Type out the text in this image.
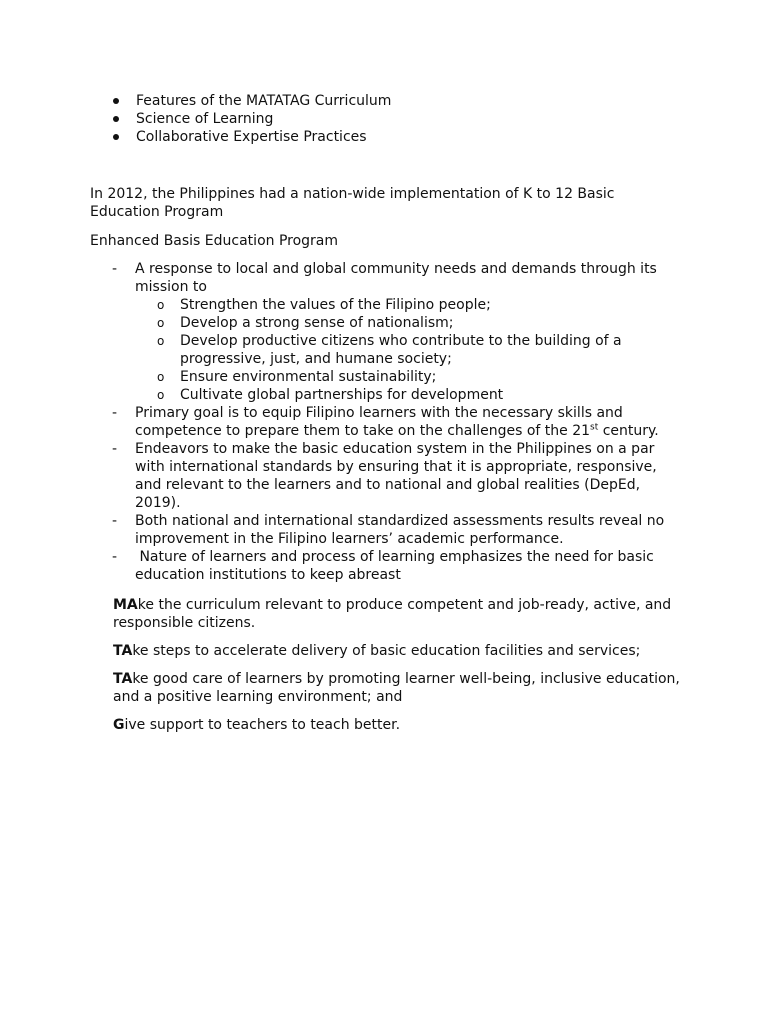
Features of the MATATAG Curriculum
Science of Learning
Collaborative Expertise Practices

In 2012, the Philippines had a nation-wide implementation of K to 12 Basic Education Program

Enhanced Basis Education Program

- A response to local and global community needs and demands through its mission to
o Strengthen the values of the Filipino people;
o Develop a strong sense of nationalism;
o Develop productive citizens who contribute to the building of a progressive, just, and humane society;
o Ensure environmental sustainability;
o Cultivate global partnerships for development
- Primary goal is to equip Filipino learners with the necessary skills and competence to prepare them to take on the challenges of the 21st century.
- Endeavors to make the basic education system in the Philippines on a par with international standards by ensuring that it is appropriate, responsive, and relevant to the learners and to national and global realities (DepEd, 2019).
- Both national and international standardized assessments results reveal no improvement in the Filipino learners’ academic performance.
- Nature of learners and process of learning emphasizes the need for basic education institutions to keep abreast

MAke the curriculum relevant to produce competent and job-ready, active, and responsible citizens.

TAke steps to accelerate delivery of basic education facilities and services;

TAke good care of learners by promoting learner well-being, inclusive education, and a positive learning environment; and

Give support to teachers to teach better.
